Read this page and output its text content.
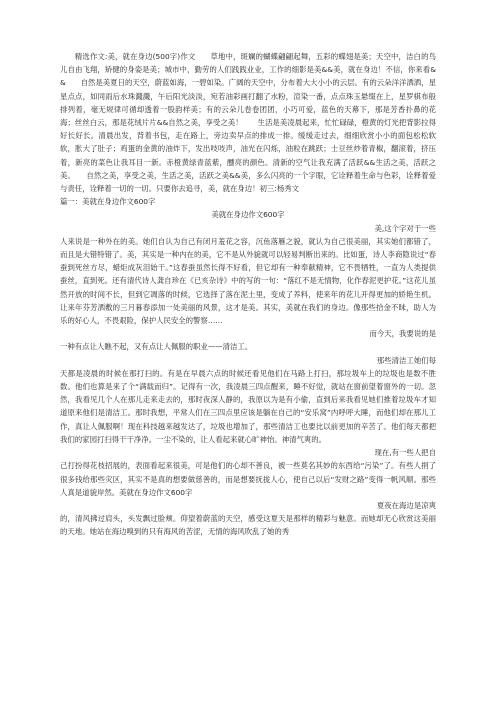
精选作文:美，就在身边(500字)作文　　草地中，斑斓的蝴蝶翩翩起舞，五彩的蝶翅是美；天空中，洁白的鸟儿自由飞翔，矫健的身姿是美；城市中，勤劳的人们践践业业，工作的细影是美&&美，就在身边！不信，你来看&&　　自然是美夏日的天空，蔚蓝如海，一碧如染。广阔的天空中，分布着大大小小的云层。有的云朵洋洋洒洒，星星点点，如同雨后水珠濺濺，午后阳光淡淡，宛若油彩画打翻了水粉，渲染一番，点点珠玉悬缀在上，星罗棋布般排列着，毫无规律可循却透着一股韵样美；有的云朵儿卷卷团团，小巧可爱，蓝色的天幕下，那是芳香扑鼻的花海；丝丝白云，那是花绒片片&&自然之美，享受之美！　　生活是美凌晨起来，忙忙碌碌，橙黄的灯光把背影拉得好长好长。清晨出发，背着书包，走在路上，旁边卖早点的排成一排。缓缓走过去，细细欣赏小小的面包松松软软，胀大了肚子；鸡蛋的金黄的油炸下，发出吱吱声，油光在闪烁，油粒在跳跃；士豆丝炒着青椒，翻滚着，挤压着，新亮的菜色让我耳目一新。赤橙黄绿青蓝紫，醺亮的颜色。清新的空气让我充满了活跃&&生活之美，活跃之美。　　自然之美，享受之美，生活之美，活跃之美&&美，多么闪亮的一个字眼，它诠释着生命与色彩，诠释着爱与责任，诠释着一切的一切。只要你去追寻，美，就在身边！初三:杨秀文

篇一：美就在身边作文600字

美就在身边作文600字

美,这个字对于一些

人来说是一种外在的美。她们自认为自己有闭月羞花之容，沉鱼落雁之貌，就认为自己很美丽，其实她们都错了，而且是大错特错了。美，其实是一种内在的美，它不是从外貌就可以轻易判断出来的。比如蛋，诗人李商隐说过“春蚕到死丝方尽，蜡炬成灰泪始干。”这春蚕虽然长得不好看，但它却有一种奉献精神，它不畏牺牲，一直为人类提供蚕丝，直到死。还有清代诗人龚自珍在《已亥杂诗》中的写的一句：“落红不是无情物，化作春泥更护花。”这花儿虽然开放的时间不长，但到它凋落的时候，它选择了落在泥土里，变成了养料，使来年的花儿开得更加的娇艳生机。让来年芬芳洒敷的三月暮春添加一处美丽的风景，这才是美。其实，美就在我们的身边。像那些拾金不昧，助人为乐的好心人，不畏艰险，保护人民安全的警察……

而今天，我要说的是

一种有点让人瞧不起，又有点让人佩服的职业——清洁工。

那些清洁工她们每

天都是凌晨的时候在那打扫的。有是在早晨六点的时候还看见他们在马路上打扫，那垃圾车上的垃圾也是数不胜数。他们也算是来了个“满载而归”。记得有一次，我凌晨三四点醒来，睡不好觉，就站在窗前望着窗外的一切。忽然，我看见几个人在那儿走来走去的，那时夜深人静的，我原以为是有小偷，直到后来我看见她们推着垃圾车才知道原来他们是清洁工。那时我想，平常人们在三四点里应该是躺在自己的“安乐窝”内呼呼大睡，而他们却在那儿工作，真让人佩服啊！现在科技越来越发达了，垃圾也增加了，那些清洁工也要比以前更加的辛苦了。他们每天都把我们的家园打扫得干干净净。一尘不染的，让人看起来就心旷神怡。神清气爽的。

现在,有一些人把自

己打扮得花枝招展的，表面看起来很美，可是他们的心却不善良，被一些莫名其妙的东西给“污染”了。有些人捐了很多钱给那些灾区，其实不是真的想要做慈善的，而是想要抚拢人心，使自己以后“发财之路”变得一帆风顺。那些人真是道貌岸然。美就在身边作文600字

夏夜在海边是凉爽

的，清风拂过肩头，头发飘过脸颊。仰望着蔚蓝的天空，感受这夏天是那样的精彩与魅意。而她却无心欣赏这美丽的天地。她站在海边嗅到的只有海风的苦涩，无情的海风吹乱了她的秀
